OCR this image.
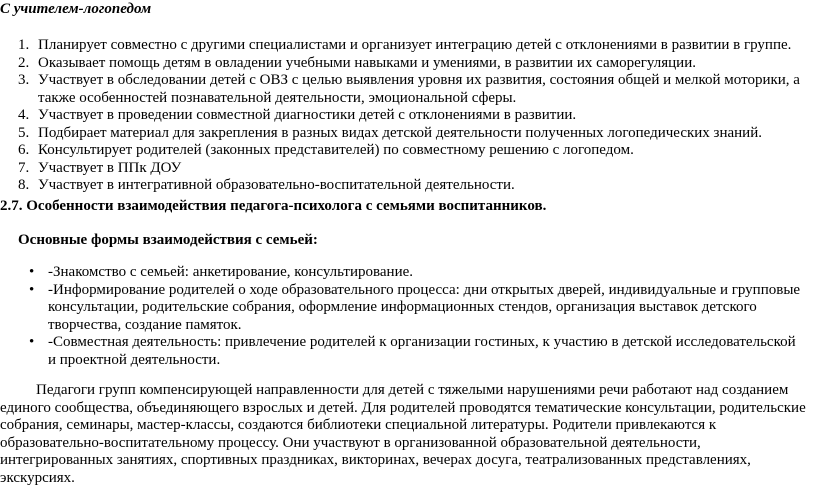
С учителем-логопедом

1. Планирует совместно с другими специалистами и организует интеграцию детей с отклонениями в развитии в группе.
2. Оказывает помощь детям в овладении учебными навыками и умениями, в развитии их саморегуляции.
3. Участвует в обследовании детей с ОВЗ с целью выявления уровня их развития, состояния общей и мелкой моторики, а также особенностей познавательной деятельности, эмоциональной сферы.
4. Участвует в проведении совместной диагностики детей с отклонениями в развитии.
5. Подбирает материал для закрепления в разных видах детской деятельности полученных логопедических знаний.
6. Консультирует родителей (законных представителей) по совместному решению с логопедом.
7. Участвует в ППк ДОУ
8. Участвует в интегративной образовательно-воспитательной деятельности.

2.7. Особенности взаимодействия педагога-психолога с семьями воспитанников.

Основные формы взаимодействия с семьей:

• -Знакомство с семьей: анкетирование, консультирование.
• -Информирование родителей о ходе образовательного процесса: дни открытых дверей, индивидуальные и групповые консультации, родительские собрания, оформление информационных стендов, организация выставок детского творчества, создание памяток.
• -Совместная деятельность: привлечение родителей к организации гостиных, к участию в детской исследовательской и проектной деятельности.

Педагоги групп компенсирующей направленности для детей с тяжелыми нарушениями речи работают над созданием единого сообщества, объединяющего взрослых и детей. Для родителей проводятся тематические консультации, родительские собрания, семинары, мастер-классы, создаются библиотеки специальной литературы. Родители привлекаются к образовательно-воспитательному процессу. Они участвуют в организованной образовательной деятельности, интегрированных занятиях, спортивных праздниках, викторинах, вечерах досуга, театрализованных представлениях, экскурсиях.
